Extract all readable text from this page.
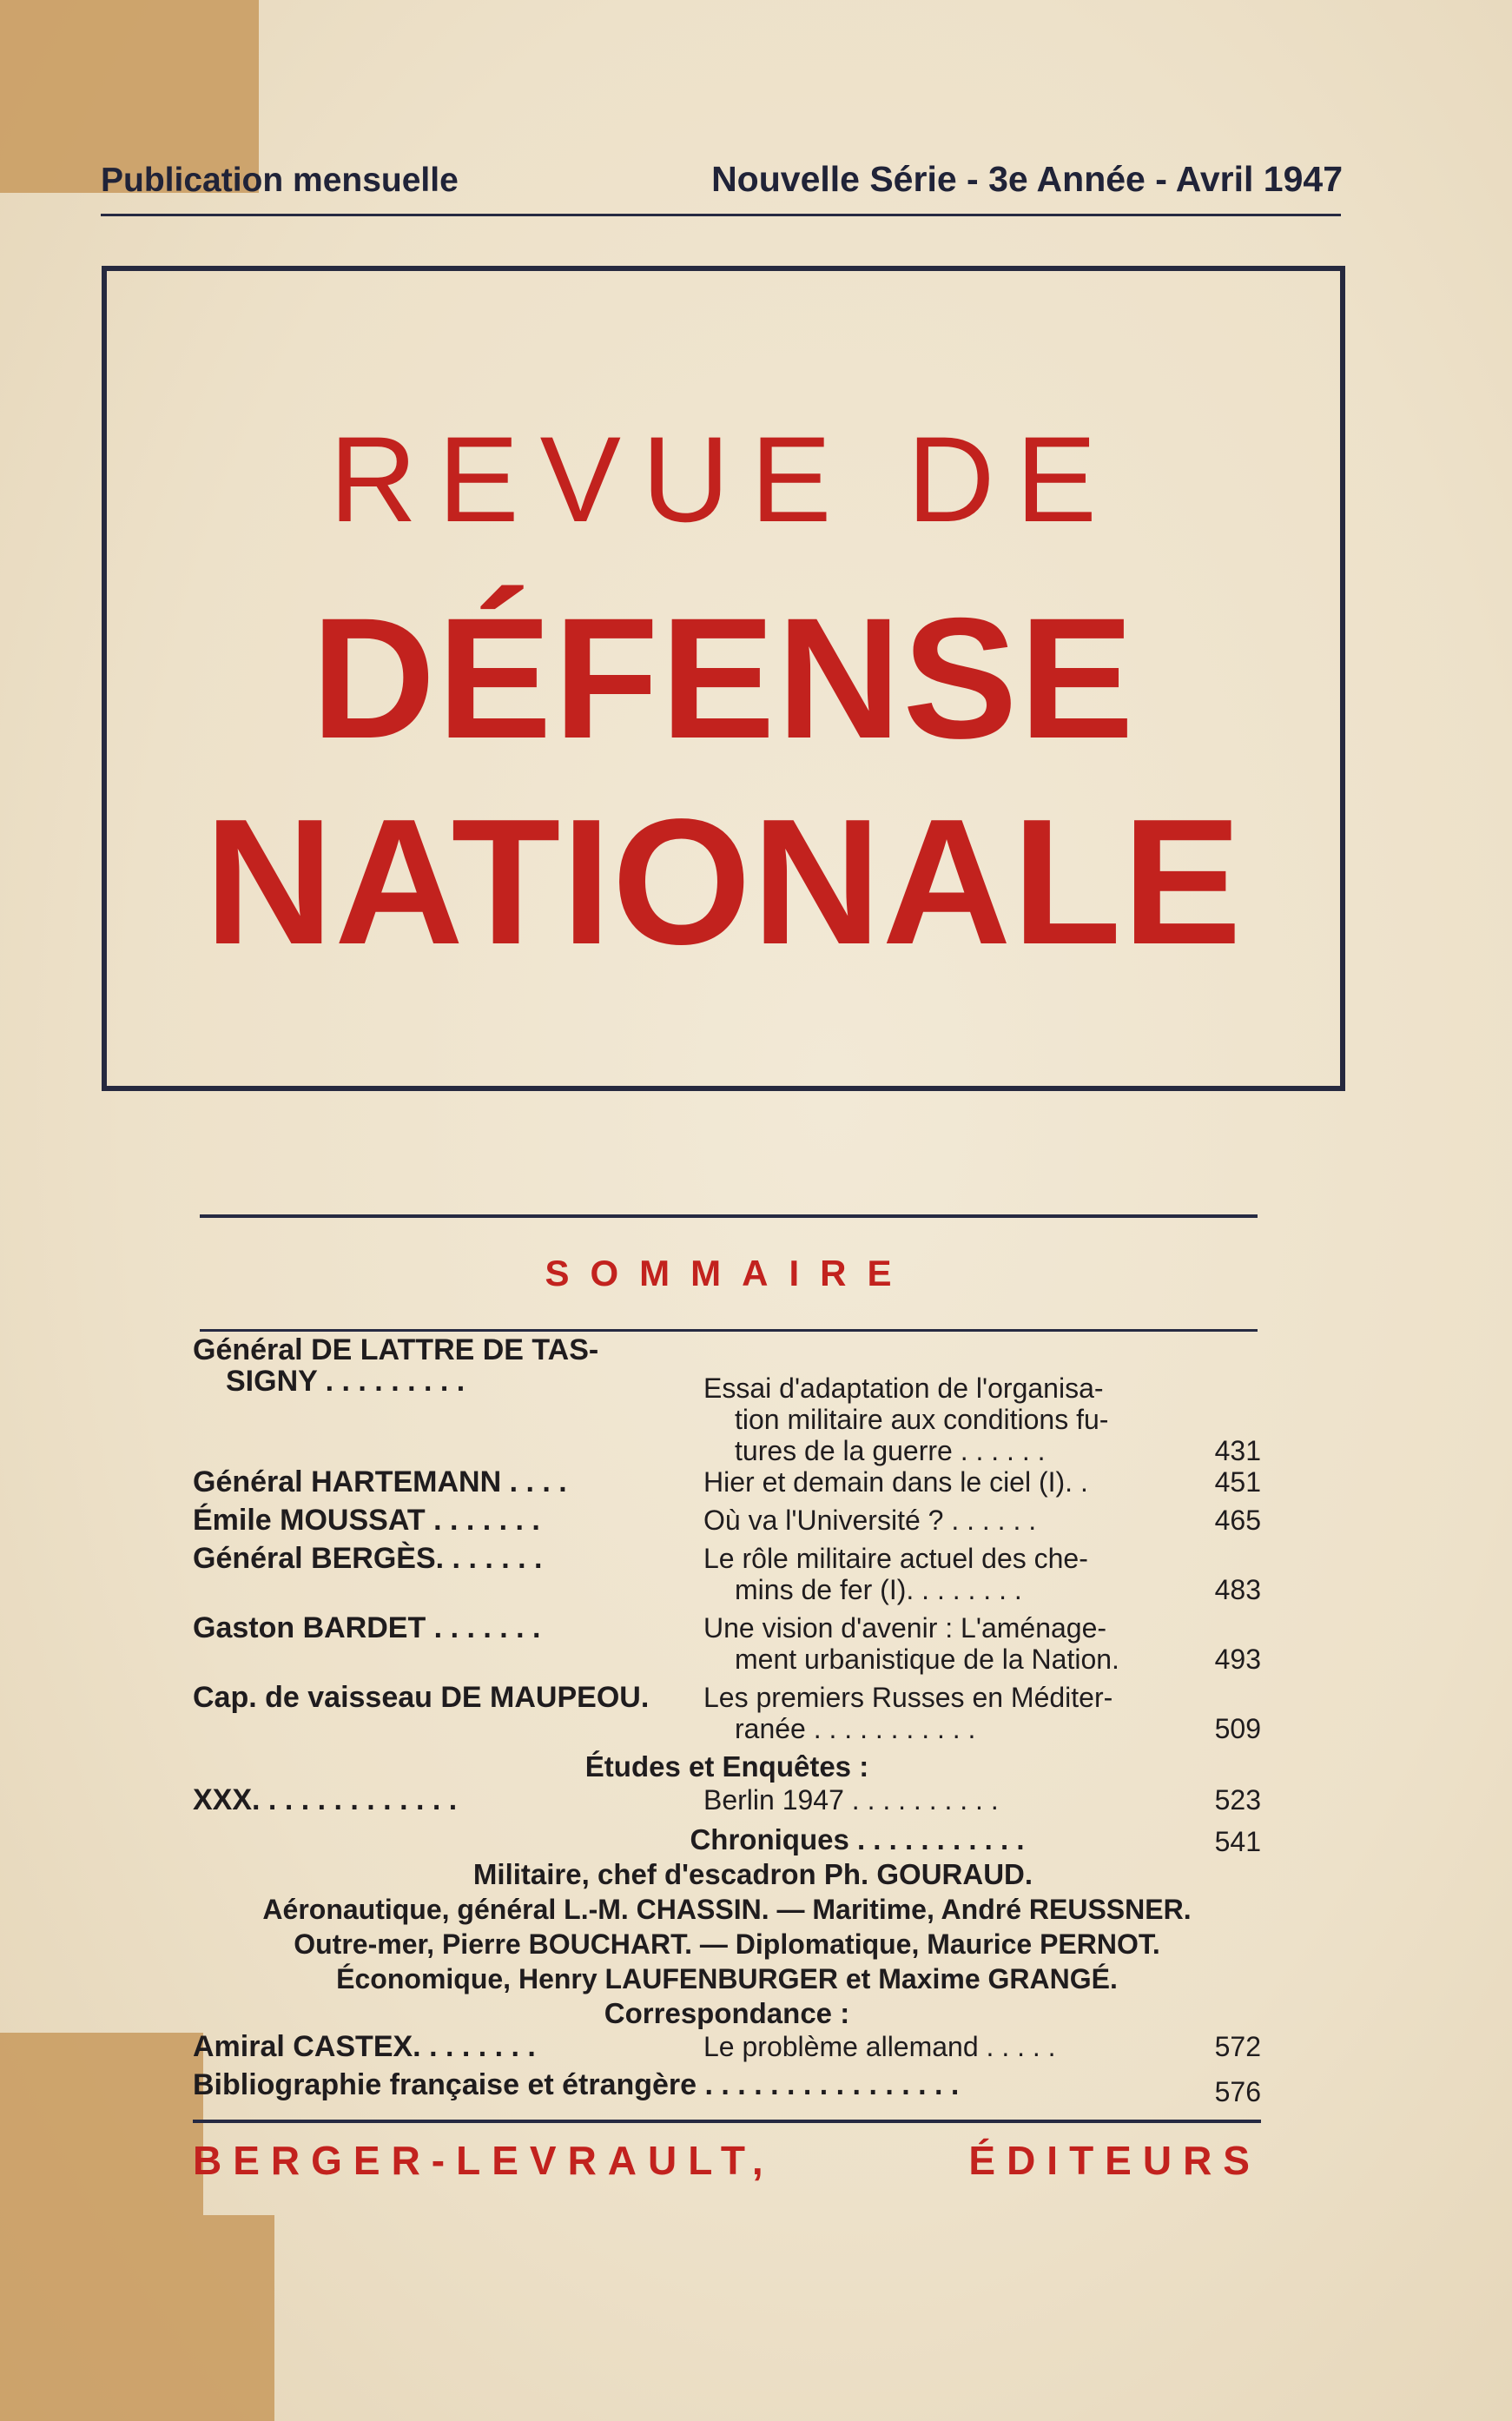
Publication mensuelle	Nouvelle Série - 3e Année - Avril 1947
REVUE DE
DÉFENSE
NATIONALE
SOMMAIRE
Général DE LATTRE DE TAS-
SIGNY . . . . . . . . .	Essai d'adaptation de l'organisa-
tion militaire aux conditions fu-
tures de la guerre . . . . . .	431
Général HARTEMANN . . . .	Hier et demain dans le ciel (I). .	451
Émile MOUSSAT . . . . . . .	Où va l'Université ? . . . . . .	465
Général BERGÈS. . . . . . .	Le rôle militaire actuel des che-
mins de fer (I). . . . . . . .	483
Gaston BARDET . . . . . . .	Une vision d'avenir : L'aménage-
ment urbanistique de la Nation.	493
Cap. de vaisseau DE MAUPEOU.	Les premiers Russes en Méditer-
ranée . . . . . . . . . . .	509
Études et Enquêtes :
XXX. . . . . . . . . . . . .	Berlin 1947 . . . . . . . . . .	523
Chroniques . . . . . . . . . . .	541
Militaire, chef d'escadron Ph. GOURAUD.
Aéronautique, général L.-M. CHASSIN. — Maritime, André REUSSNER.
Outre-mer, Pierre BOUCHART. — Diplomatique, Maurice PERNOT.
Économique, Henry LAUFENBURGER et Maxime GRANGÉ.
Correspondance :
Amiral CASTEX. . . . . . . .	Le problème allemand . . . . .	572
Bibliographie française et étrangère . . . . . . . . . . . . . . . .	576
BERGER-LEVRAULT,	ÉDITEURS
